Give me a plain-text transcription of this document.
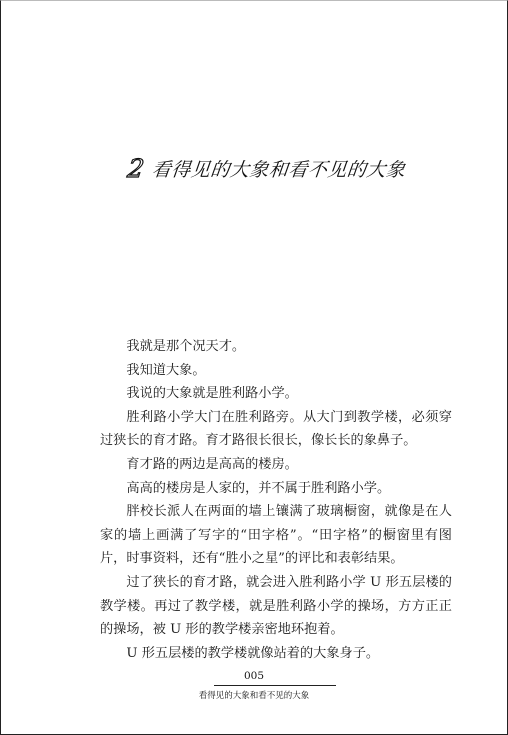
2 看得见的大象和看不见的大象

我就是那个况天才。

我知道大象。

我说的大象就是胜利路小学。

胜利路小学大门在胜利路旁。从大门到教学楼，必须穿过狭长的育才路。育才路很长很长，像长长的象鼻子。

育才路的两边是高高的楼房。

高高的楼房是人家的，并不属于胜利路小学。

胖校长派人在两面的墙上镶满了玻璃橱窗，就像是在人家的墙上画满了写字的“田字格”。“田字格”的橱窗里有图片，时事资料，还有“胜小之星”的评比和表彰结果。

过了狭长的育才路，就会进入胜利路小学 U 形五层楼的教学楼。再过了教学楼，就是胜利路小学的操场，方方正正的操场，被 U 形的教学楼亲密地环抱着。

U 形五层楼的教学楼就像站着的大象身子。

005
看得见的大象和看不见的大象
